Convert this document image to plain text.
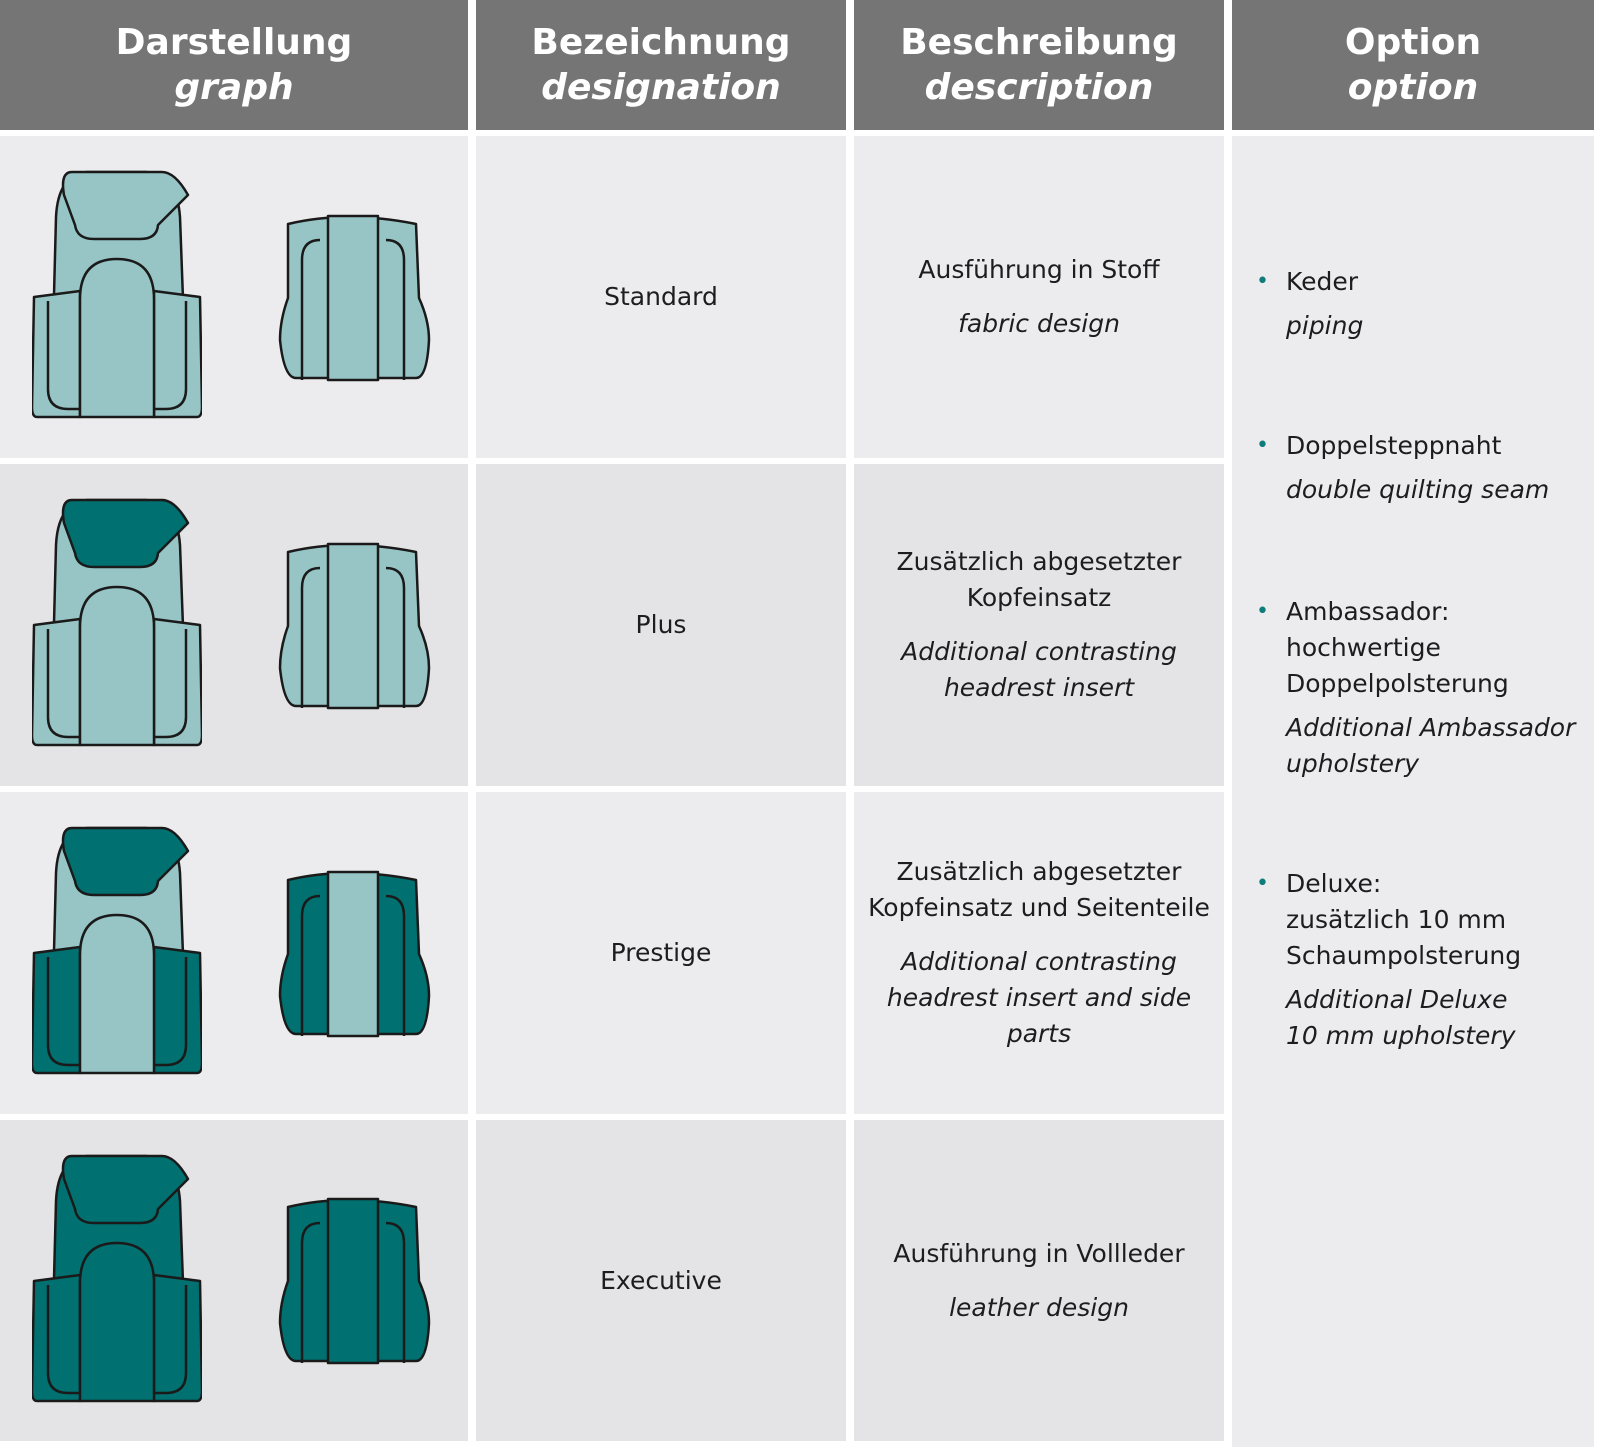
Darstellung
graph
Bezeichnung
designation
Beschreibung
description
Option
option
Standard
Ausführung in Stoff
fabric design
• Keder
piping
• Doppelsteppnaht
double quilting seam
• Ambassador:
hochwertige
Doppelpolsterung
Additional Ambassador
upholstery
• Deluxe:
zusätzlich 10 mm
Schaumpolsterung
Additional Deluxe
10 mm upholstery
Plus
Zusätzlich abgesetzter Kopfeinsatz
Additional contrasting headrest insert
Prestige
Zusätzlich abgesetzter Kopfeinsatz und Seitenteile
Additional contrasting headrest insert and side parts
Executive
Ausführung in Vollleder
leather design
